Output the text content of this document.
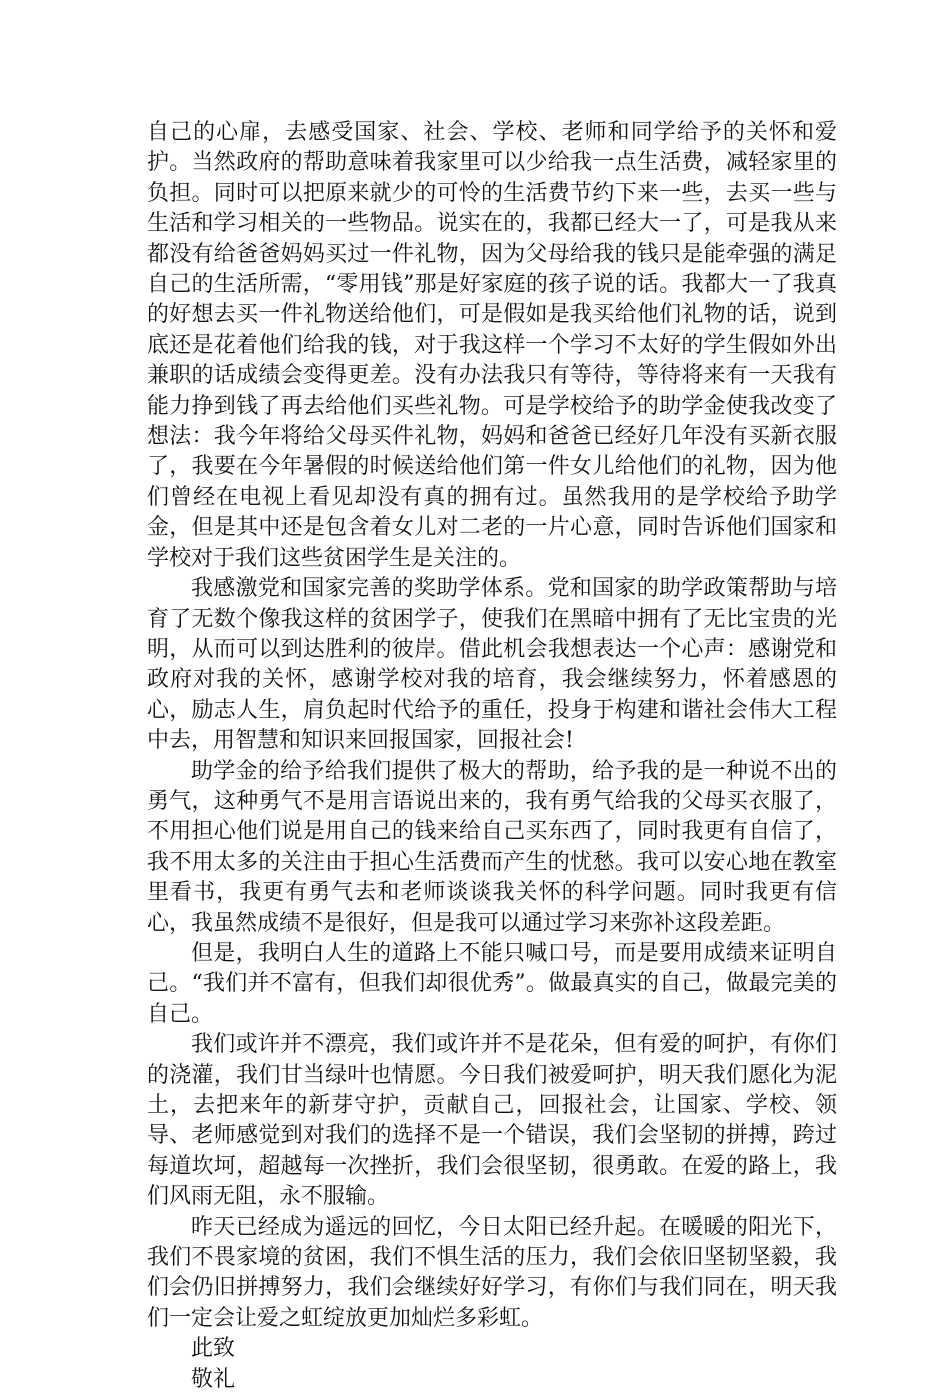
自己的心扉，去感受国家、社会、学校、老师和同学给予的关怀和爱护。当然政府的帮助意味着我家里可以少给我一点生活费，减轻家里的负担。同时可以把原来就少的可怜的生活费节约下来一些，去买一些与生活和学习相关的一些物品。说实在的，我都已经大一了，可是我从来都没有给爸爸妈妈买过一件礼物，因为父母给我的钱只是能牵强的满足自己的生活所需，“零用钱”那是好家庭的孩子说的话。我都大一了我真的好想去买一件礼物送给他们，可是假如是我买给他们礼物的话，说到底还是花着他们给我的钱，对于我这样一个学习不太好的学生假如外出兼职的话成绩会变得更差。没有办法我只有等待，等待将来有一天我有能力挣到钱了再去给他们买些礼物。可是学校给予的助学金使我改变了想法：我今年将给父母买件礼物，妈妈和爸爸已经好几年没有买新衣服了，我要在今年暑假的时候送给他们第一件女儿给他们的礼物，因为他们曾经在电视上看见却没有真的拥有过。虽然我用的是学校给予助学金，但是其中还是包含着女儿对二老的一片心意，同时告诉他们国家和学校对于我们这些贫困学生是关注的。

我感激党和国家完善的奖助学体系。党和国家的助学政策帮助与培育了无数个像我这样的贫困学子，使我们在黑暗中拥有了无比宝贵的光明，从而可以到达胜利的彼岸。借此机会我想表达一个心声：感谢党和政府对我的关怀，感谢学校对我的培育，我会继续努力，怀着感恩的心，励志人生，肩负起时代给予的重任，投身于构建和谐社会伟大工程中去，用智慧和知识来回报国家，回报社会!

助学金的给予给我们提供了极大的帮助，给予我的是一种说不出的勇气，这种勇气不是用言语说出来的，我有勇气给我的父母买衣服了，不用担心他们说是用自己的钱来给自己买东西了，同时我更有自信了，我不用太多的关注由于担心生活费而产生的忧愁。我可以安心地在教室里看书，我更有勇气去和老师谈谈我关怀的科学问题。同时我更有信心，我虽然成绩不是很好，但是我可以通过学习来弥补这段差距。

但是，我明白人生的道路上不能只喊口号，而是要用成绩来证明自己。“我们并不富有，但我们却很优秀”。做最真实的自己，做最完美的自己。

我们或许并不漂亮，我们或许并不是花朵，但有爱的呵护，有你们的浇灌，我们甘当绿叶也情愿。今日我们被爱呵护，明天我们愿化为泥土，去把来年的新芽守护，贡献自己，回报社会，让国家、学校、领导、老师感觉到对我们的选择不是一个错误，我们会坚韧的拼搏，跨过每道坎坷，超越每一次挫折，我们会很坚韧，很勇敢。在爱的路上，我们风雨无阻，永不服输。

昨天已经成为遥远的回忆，今日太阳已经升起。在暖暖的阳光下，我们不畏家境的贫困，我们不惧生活的压力，我们会依旧坚韧坚毅，我们会仍旧拼搏努力，我们会继续好好学习，有你们与我们同在，明天我们一定会让爱之虹绽放更加灿烂多彩虹。

此致

敬礼
